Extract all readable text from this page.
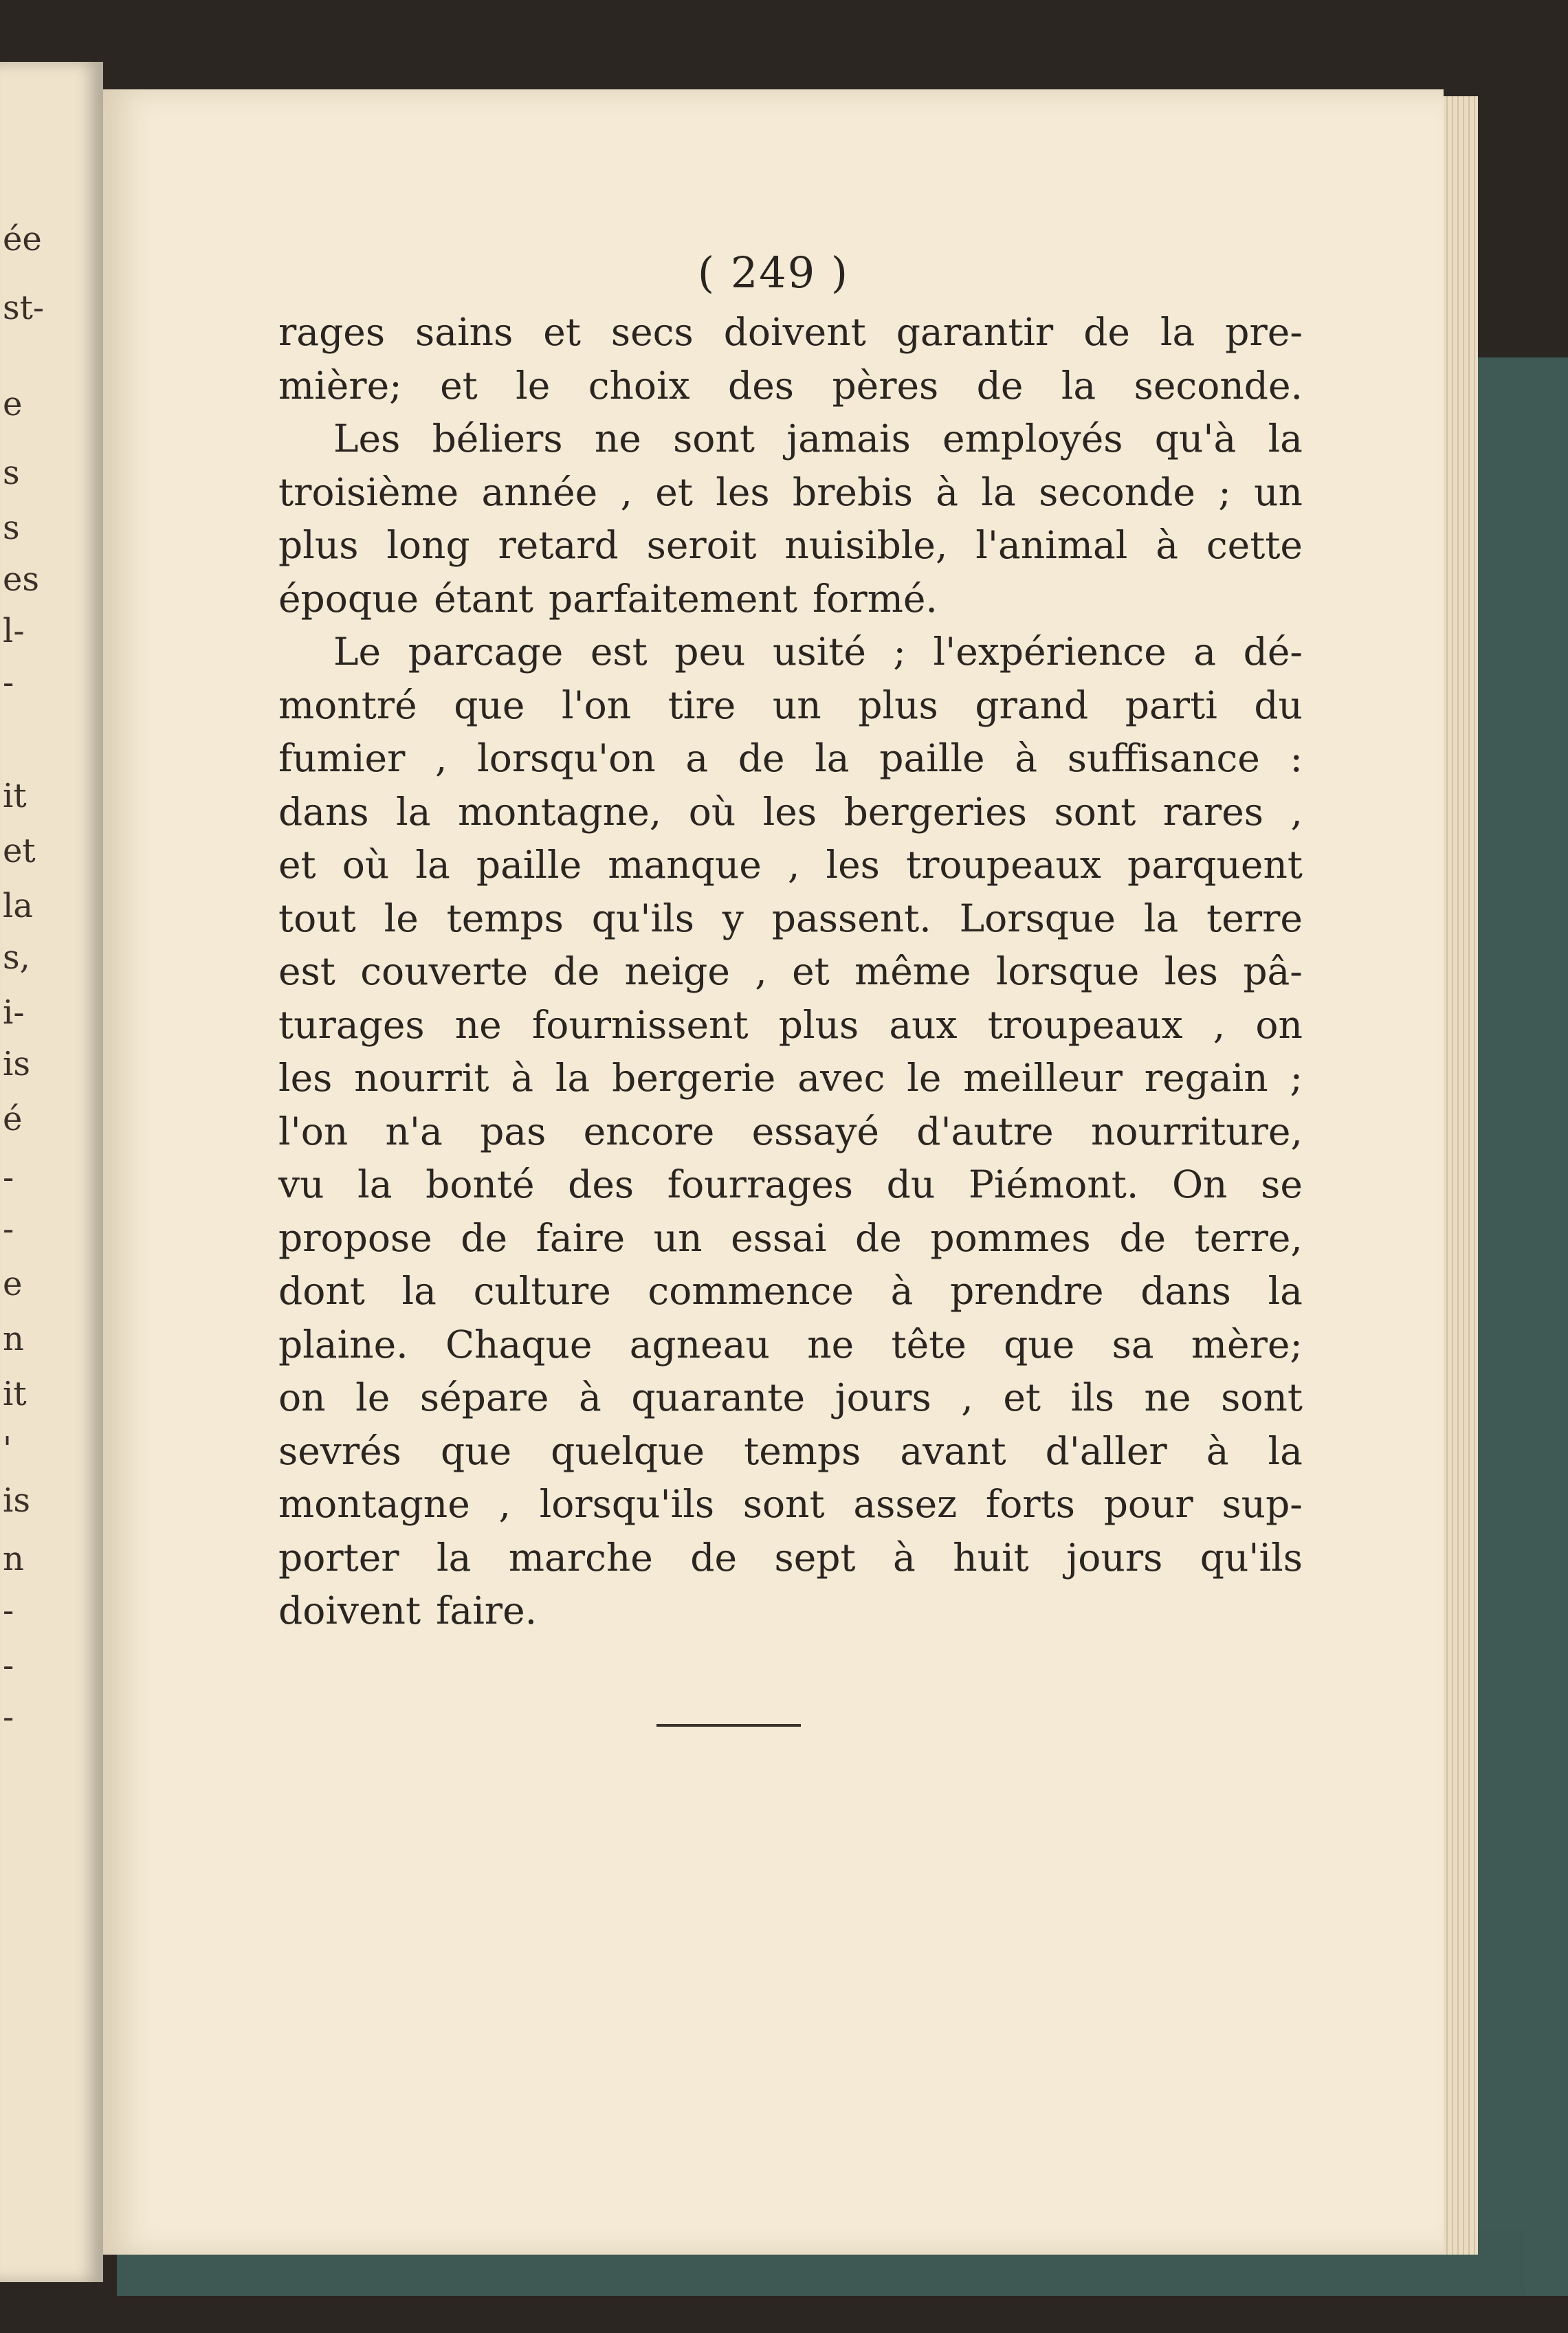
ée
st-
e
s
s
es
l-
-
it
et
la
s,
i-
is
é
-
-
e
n
it
'
is
n
-
-
-
( 249 )
rages sains et secs doivent garantir de la pre-
mière; et le choix des pères de la seconde.
Les béliers ne sont jamais employés qu'à la
troisième année , et les brebis à la seconde ; un
plus long retard seroit nuisible, l'animal à cette
époque étant parfaitement formé.
Le parcage est peu usité ; l'expérience a dé-
montré que l'on tire un plus grand parti du
fumier , lorsqu'on a de la paille à suffisance :
dans la montagne, où les bergeries sont rares ,
et où la paille manque , les troupeaux parquent
tout le temps qu'ils y passent. Lorsque la terre
est couverte de neige , et même lorsque les pâ-
turages ne fournissent plus aux troupeaux , on
les nourrit à la bergerie avec le meilleur regain ;
l'on n'a pas encore essayé d'autre nourriture,
vu la bonté des fourrages du Piémont. On se
propose de faire un essai de pommes de terre,
dont la culture commence à prendre dans la
plaine. Chaque agneau ne tête que sa mère;
on le sépare à quarante jours , et ils ne sont
sevrés que quelque temps avant d'aller à la
montagne , lorsqu'ils sont assez forts pour sup-
porter la marche de sept à huit jours qu'ils
doivent faire.
